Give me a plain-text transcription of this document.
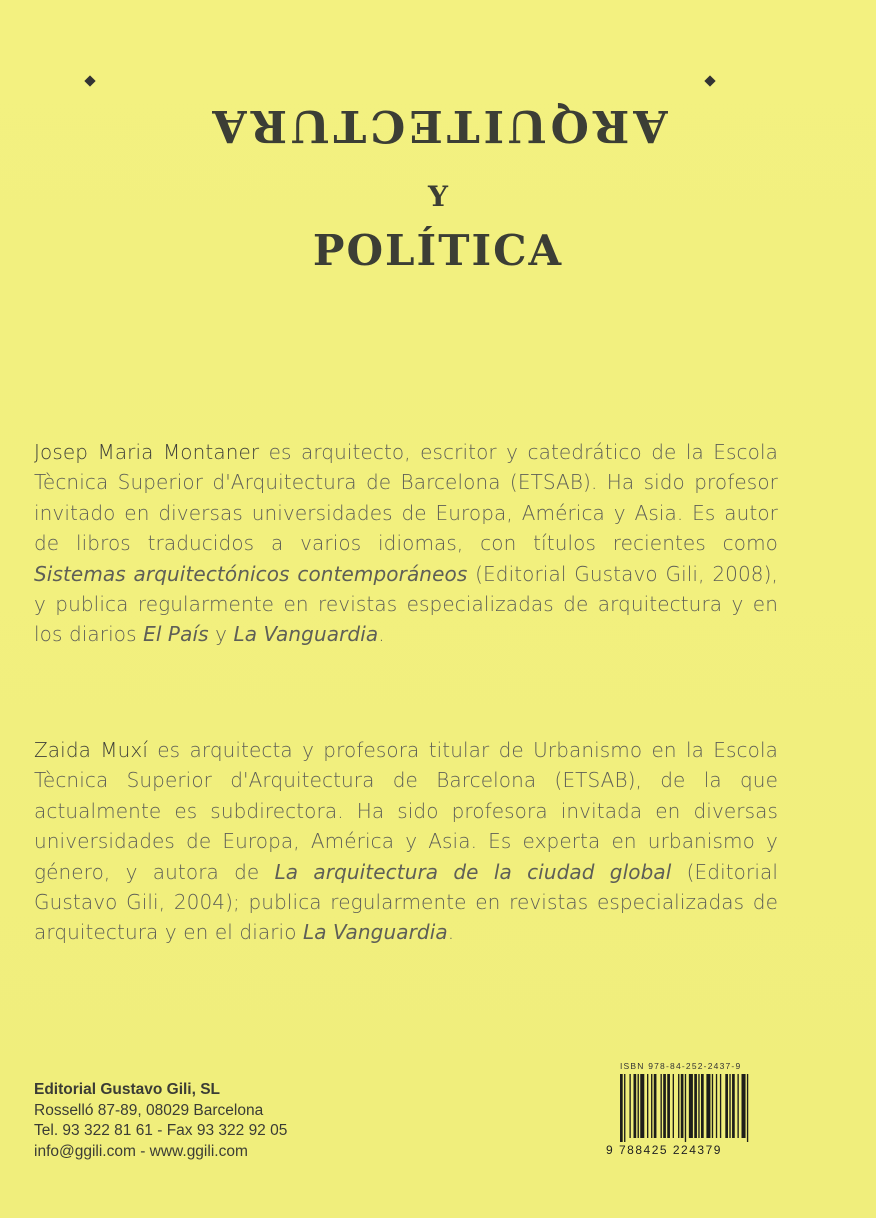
ARQUITECTURA
Y
POLÍTICA
Josep Maria Montaner es arquitecto, escritor y catedrático de la Escola Tècnica Superior d'Arquitectura de Barcelona (ETSAB). Ha sido profesor invitado en diversas universidades de Europa, América y Asia. Es autor de libros traducidos a varios idiomas, con títulos recientes como Sistemas arquitectónicos contemporáneos (Editorial Gustavo Gili, 2008), y publica regularmente en revistas especializadas de arquitectura y en los diarios El País y La Vanguardia.
Zaida Muxí es arquitecta y profesora titular de Urbanismo en la Escola Tècnica Superior d'Arquitectura de Barcelona (ETSAB), de la que actualmente es subdirectora. Ha sido profesora invitada en diversas universidades de Europa, América y Asia. Es experta en urbanismo y género, y autora de La arquitectura de la ciudad global (Editorial Gustavo Gili, 2004); publica regularmente en revistas especializadas de arquitectura y en el diario La Vanguardia.
Editorial Gustavo Gili, SL
Rosselló 87-89, 08029 Barcelona
Tel. 93 322 81 61 - Fax 93 322 92 05
info@ggili.com - www.ggili.com
ISBN 978-84-252-2437-9
9 788425 224379
